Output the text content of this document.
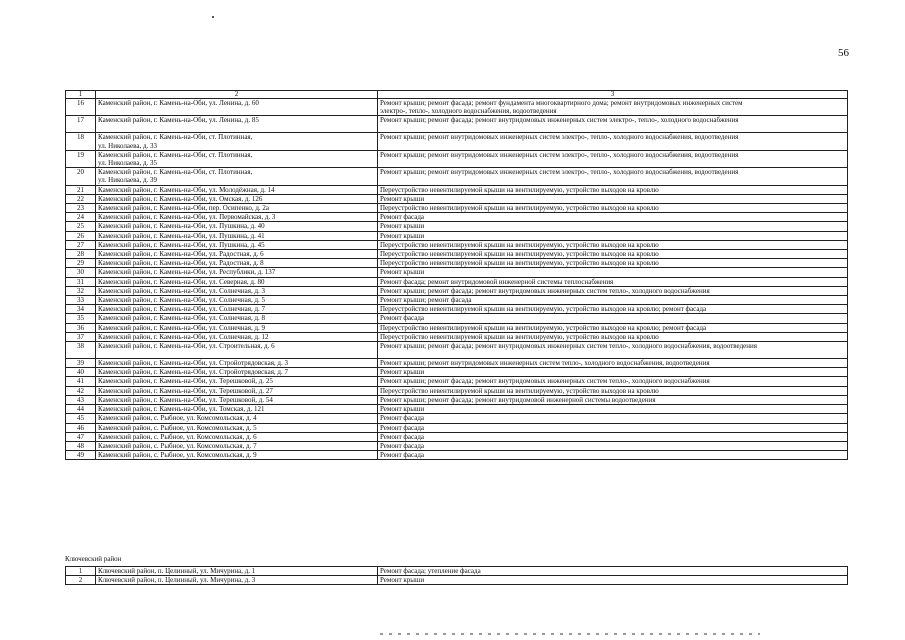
56
1	2	3
16	Каменский район, г. Камень-на-Оби, ул. Ленина, д. 60	Ремонт крыши; ремонт фасада; ремонт фундамента многоквартирного дома; ремонт внутридомовых инженерных систем
электро-, тепло-, холодного водоснабжения, водоотведения

17	Каменский район, г. Камень-на-Оби, ул. Ленина, д. 85	Ремонт крыши; ремонт фасада; ремонт внутридомовых инженерных систем электро-, тепло-, холодного водоснабжения
18	Каменский район, г. Камень-на-Оби, ст. Плотинная,
ул. Николаева, д. 33	Ремонт крыши; ремонт внутридомовых инженерных систем электро-, тепло-, холодного водоснабжения, водоотведения
19	Каменский район, г. Камень-на-Оби, ст. Плотинная,
ул. Николаева, д. 35	Ремонт крыши; ремонт внутридомовых инженерных систем электро-, тепло-, холодного водоснабжения, водоотведения
20	Каменский район, г. Камень-на-Оби, ст. Плотинная,
ул. Николаева, д. 39	Ремонт крыши; ремонт внутридомовых инженерных систем электро-, тепло-, холодного водоснабжения, водоотведения
21	Каменский район, г. Камень-на-Оби, ул. Молодёжная, д. 14	Переустройство невентилируемой крыши на вентилируемую, устройство выходов на кровлю
22	Каменский район, г. Камень-на-Оби, ул. Омская, д. 126	Ремонт крыши
23	Каменский район, г. Камень-на-Оби, пер. Осипенко, д. 2а	Переустройство невентилируемой крыши на вентилируемую, устройство выходов на кровлю
24	Каменский район, г. Камень-на-Оби, ул. Первомайская, д. 3	Ремонт фасада
25	Каменский район, г. Камень-на-Оби, ул. Пушкина, д. 40	Ремонт крыши
26	Каменский район, г. Камень-на-Оби, ул. Пушкина, д. 41	Ремонт крыши
27	Каменский район, г. Камень-на-Оби, ул. Пушкина, д. 45	Переустройство невентилируемой крыши на вентилируемую, устройство выходов на кровлю
28	Каменский район, г. Камень-на-Оби, ул. Радостная, д. 6	Переустройство невентилируемой крыши на вентилируемую, устройство выходов на кровлю
29	Каменский район, г. Камень-на-Оби, ул. Радостная, д. 8	Переустройство невентилируемой крыши на вентилируемую, устройство выходов на кровлю
30	Каменский район, г. Камень-на-Оби, ул. Республики, д. 137	Ремонт крыши
31	Каменский район, г. Камень-на-Оби, ул. Северная, д. 80	Ремонт фасада; ремонт внутридомовой инженерной системы теплоснабжения
32	Каменский район, г. Камень-на-Оби, ул. Солнечная, д. 3	Ремонт крыши; ремонт фасада; ремонт внутридомовых инженерных систем тепло-, холодного водоснабжения
33	Каменский район, г. Камень-на-Оби, ул. Солнечная, д. 5	Ремонт крыши; ремонт фасада
34	Каменский район, г. Камень-на-Оби, ул. Солнечная, д. 7	Переустройство невентилируемой крыши на вентилируемую, устройство выходов на кровлю; ремонт фасада
35	Каменский район, г. Камень-на-Оби, ул. Солнечная, д. 8	Ремонт фасада
36	Каменский район, г. Камень-на-Оби, ул. Солнечная, д. 9	Переустройство невентилируемой крыши на вентилируемую, устройство выходов на кровлю; ремонт фасада
37	Каменский район, г. Камень-на-Оби, ул. Солнечная, д. 12	Переустройство невентилируемой крыши на вентилируемую, устройство выходов на кровлю
38	Каменский район, г. Камень-на-Оби, ул. Строительная, д. 6	Ремонт крыши; ремонт фасада; ремонт внутридомовых инженерных систем тепло-, холодного водоснабжения, водоотведения
39	Каменский район, г. Камень-на-Оби, ул. Стройотрядовская, д. 3	Ремонт крыши; ремонт внутридомовых инженерных систем тепло-, холодного водоснабжения, водоотведения
40	Каменский район, г. Камень-на-Оби, ул. Стройотрядовская, д. 7	Ремонт крыши
41	Каменский район, г. Камень-на-Оби, ул. Терешковой, д. 25	Ремонт крыши; ремонт фасада; ремонт внутридомовых инженерных систем тепло-, холодного водоснабжения
42	Каменский район, г. Камень-на-Оби, ул. Терешковой, д. 27	Переустройство невентилируемой крыши на вентилируемую, устройство выходов на кровлю
43	Каменский район, г. Камень-на-Оби, ул. Терешковой, д. 54	Ремонт крыши; ремонт фасада; ремонт внутридомовой инженерной системы водоотведения
44	Каменский район, г. Камень-на-Оби, ул. Томская, д. 121	Ремонт крыши
45	Каменский район, с. Рыбное, ул. Комсомольская, д. 4	Ремонт фасада
46	Каменский район, с. Рыбное, ул. Комсомольская, д. 5	Ремонт фасада
47	Каменский район, с. Рыбное, ул. Комсомольская, д. 6	Ремонт фасада
48	Каменский район, с. Рыбное, ул. Комсомольская, д. 7	Ремонт фасада
49	Каменский район, с. Рыбное, ул. Комсомольская, д. 9	Ремонт фасада
Ключевский район
1	Ключевский район, п. Целинный, ул. Мичурина, д. 1	Ремонт фасада; утепление фасада
2	Ключевский район, п. Целинный, ул. Мичурина, д. 3	Ремонт крыши
